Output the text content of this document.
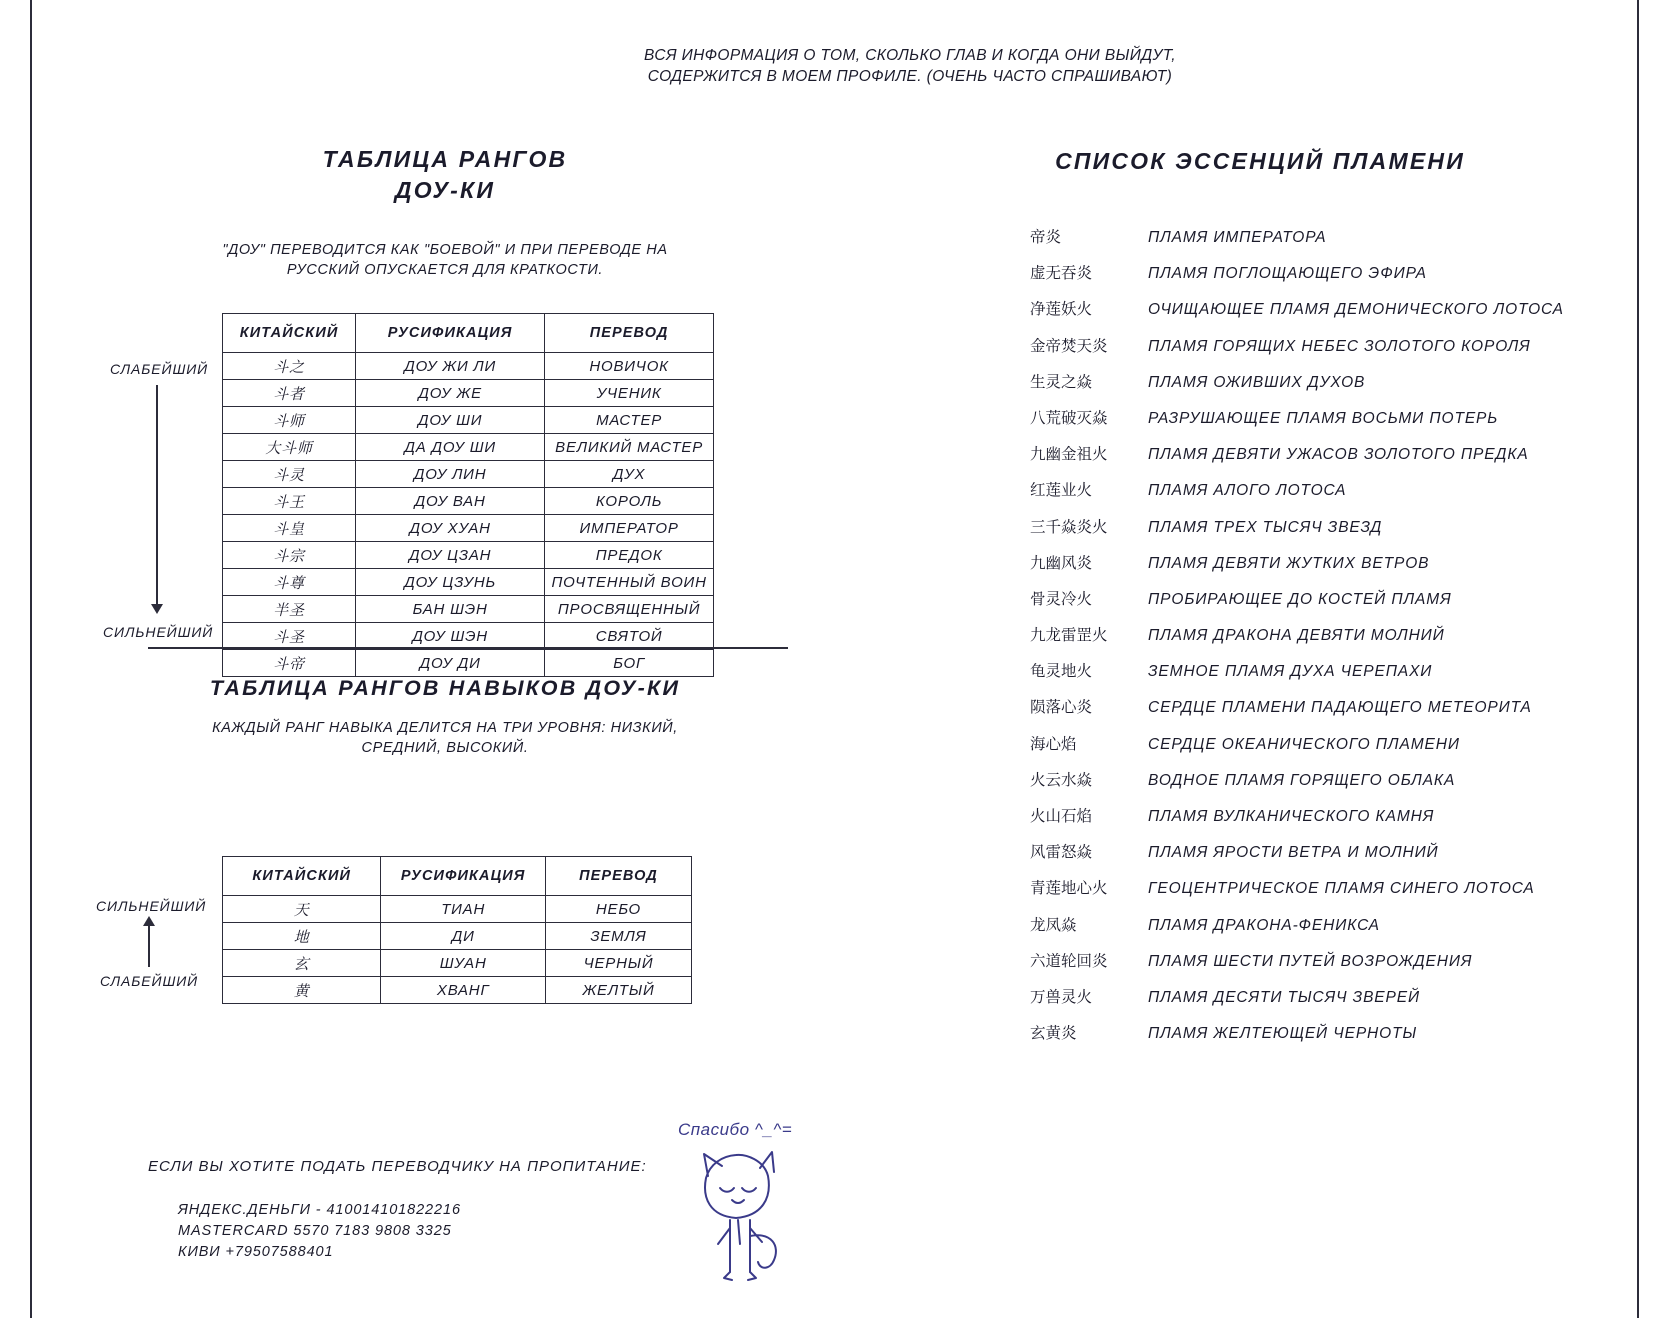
ВСЯ ИНФОРМАЦИЯ О ТОМ, СКОЛЬКО ГЛАВ И КОГДА ОНИ ВЫЙДУТ,
СОДЕРЖИТСЯ В МОЕМ ПРОФИЛЕ. (ОЧЕНЬ ЧАСТО СПРАШИВАЮТ)
ТАБЛИЦА РАНГОВ
ДОУ-КИ
"ДОУ" ПЕРЕВОДИТСЯ КАК "БОЕВОЙ" И ПРИ ПЕРЕВОДЕ НА РУССКИЙ ОПУСКАЕТСЯ ДЛЯ КРАТКОСТИ.
СЛАБЕЙШИЙ
СИЛЬНЕЙШИЙ
КИТАЙСКИЙ	РУСИФИКАЦИЯ	ПЕРЕВОД
斗之	ДОУ ЖИ ЛИ	НОВИЧОК
斗者	ДОУ ЖЕ	УЧЕНИК
斗师	ДОУ ШИ	МАСТЕР
大斗师	ДА ДОУ ШИ	ВЕЛИКИЙ МАСТЕР
斗灵	ДОУ ЛИН	ДУХ
斗王	ДОУ ВАН	КОРОЛЬ
斗皇	ДОУ ХУАН	ИМПЕРАТОР
斗宗	ДОУ ЦЗАН	ПРЕДОК
斗尊	ДОУ ЦЗУНЬ	ПОЧТЕННЫЙ ВОИН
半圣	БАН ШЭН	ПРОСВЯЩЕННЫЙ
斗圣	ДОУ ШЭН	СВЯТОЙ
斗帝	ДОУ ДИ	БОГ
ТАБЛИЦА РАНГОВ НАВЫКОВ ДОУ-КИ
КАЖДЫЙ РАНГ НАВЫКА ДЕЛИТСЯ НА ТРИ УРОВНЯ: НИЗКИЙ, СРЕДНИЙ, ВЫСОКИЙ.
СИЛЬНЕЙШИЙ
СЛАБЕЙШИЙ
КИТАЙСКИЙ	РУСИФИКАЦИЯ	ПЕРЕВОД
天	ТИАН	НЕБО
地	ДИ	ЗЕМЛЯ
玄	ШУАН	ЧЕРНЫЙ
黄	ХВАНГ	ЖЕЛТЫЙ
СПИСОК ЭССЕНЦИЙ ПЛАМЕНИ
帝炎	ПЛАМЯ ИМПЕРАТОРА
虚无吞炎	ПЛАМЯ ПОГЛОЩАЮЩЕГО ЭФИРА
净莲妖火	ОЧИЩАЮЩЕЕ ПЛАМЯ ДЕМОНИЧЕСКОГО ЛОТОСА
金帝焚天炎	ПЛАМЯ ГОРЯЩИХ НЕБЕС ЗОЛОТОГО КОРОЛЯ
生灵之焱	ПЛАМЯ ОЖИВШИХ ДУХОВ
八荒破灭焱	РАЗРУШАЮЩЕЕ ПЛАМЯ ВОСЬМИ ПОТЕРЬ
九幽金祖火	ПЛАМЯ ДЕВЯТИ УЖАСОВ ЗОЛОТОГО ПРЕДКА
红莲业火	ПЛАМЯ АЛОГО ЛОТОСА
三千焱炎火	ПЛАМЯ ТРЕХ ТЫСЯЧ ЗВЕЗД
九幽风炎	ПЛАМЯ ДЕВЯТИ ЖУТКИХ ВЕТРОВ
骨灵冷火	ПРОБИРАЮЩЕЕ ДО КОСТЕЙ ПЛАМЯ
九龙雷罡火	ПЛАМЯ ДРАКОНА ДЕВЯТИ МОЛНИЙ
龟灵地火	ЗЕМНОЕ ПЛАМЯ ДУХА ЧЕРЕПАХИ
陨落心炎	СЕРДЦЕ ПЛАМЕНИ ПАДАЮЩЕГО МЕТЕОРИТА
海心焰	СЕРДЦЕ ОКЕАНИЧЕСКОГО ПЛАМЕНИ
火云水焱	ВОДНОЕ ПЛАМЯ ГОРЯЩЕГО ОБЛАКА
火山石焰	ПЛАМЯ ВУЛКАНИЧЕСКОГО КАМНЯ
风雷怒焱	ПЛАМЯ ЯРОСТИ ВЕТРА И МОЛНИЙ
青莲地心火	ГЕОЦЕНТРИЧЕСКОЕ ПЛАМЯ СИНЕГО ЛОТОСА
龙凤焱	ПЛАМЯ ДРАКОНА-ФЕНИКСА
六道轮回炎	ПЛАМЯ ШЕСТИ ПУТЕЙ ВОЗРОЖДЕНИЯ
万兽灵火	ПЛАМЯ ДЕСЯТИ ТЫСЯЧ ЗВЕРЕЙ
玄黄炎	ПЛАМЯ ЖЕЛТЕЮЩЕЙ ЧЕРНОТЫ
ЕСЛИ ВЫ ХОТИТЕ ПОДАТЬ ПЕРЕВОДЧИКУ НА ПРОПИТАНИЕ:
ЯНДЕКС.ДЕНЬГИ - 410014101822216
MASTERCARD 5570 7183 9808 3325
КИВИ +79507588401
Спасибо ^_^=
